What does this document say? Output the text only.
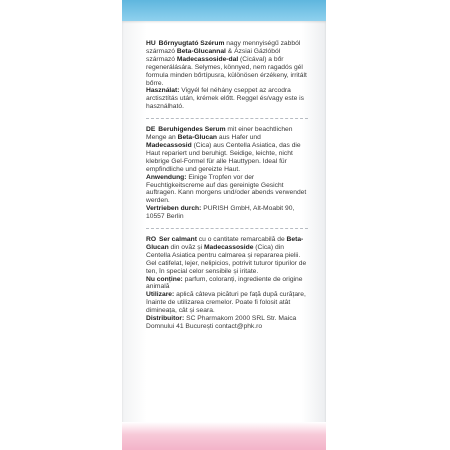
HU Bőrnyugtató Szérum nagy mennyiségű zabból származó Beta-Glucannal & Ázsiai Gázlóból származó Madecassoside-dal (Cicával) a bőr regenerálására. Selymes, könnyed, nem ragadós gél formula minden bőrtípusra, különösen érzékeny, irritált bőrre.
Használat: Vigyél fel néhány cseppet az arcodra arctisztítás után, krémek előtt. Reggel és/vagy este is használható.
DE Beruhigendes Serum mit einer beachtlichen Menge an Beta-Glucan aus Hafer und Madecassosid (Cica) aus Centella Asiatica, das die Haut repariert und beruhigt. Seidige, leichte, nicht klebrige Gel-Formel für alle Hauttypen. Ideal für empfindliche und gereizte Haut.
Anwendung: Einige Tropfen vor der Feuchtigkeitscreme auf das gereinigte Gesicht auftragen. Kann morgens und/oder abends verwendet werden.
Vertrieben durch: PURISH GmbH, Alt-Moabit 90, 10557 Berlin
RO Ser calmant cu o cantitate remarcabilă de Beta-Glucan din ovăz și Madecassoside (Cica) din Centella Asiatica pentru calmarea și repararea pielii. Gel catifelat, lejer, nelipicios, potrivit tuturor tipurilor de ten, în special celor sensibile și iritate.
Nu conține: parfum, coloranți, ingrediente de origine animală
Utilizare: aplică câteva picături pe față după curățare, înainte de utilizarea cremelor. Poate fi folosit atât dimineața, cât și seara.
Distribuitor: SC Pharmakom 2000 SRL Str. Maica Domnului 41 București contact@phk.ro
